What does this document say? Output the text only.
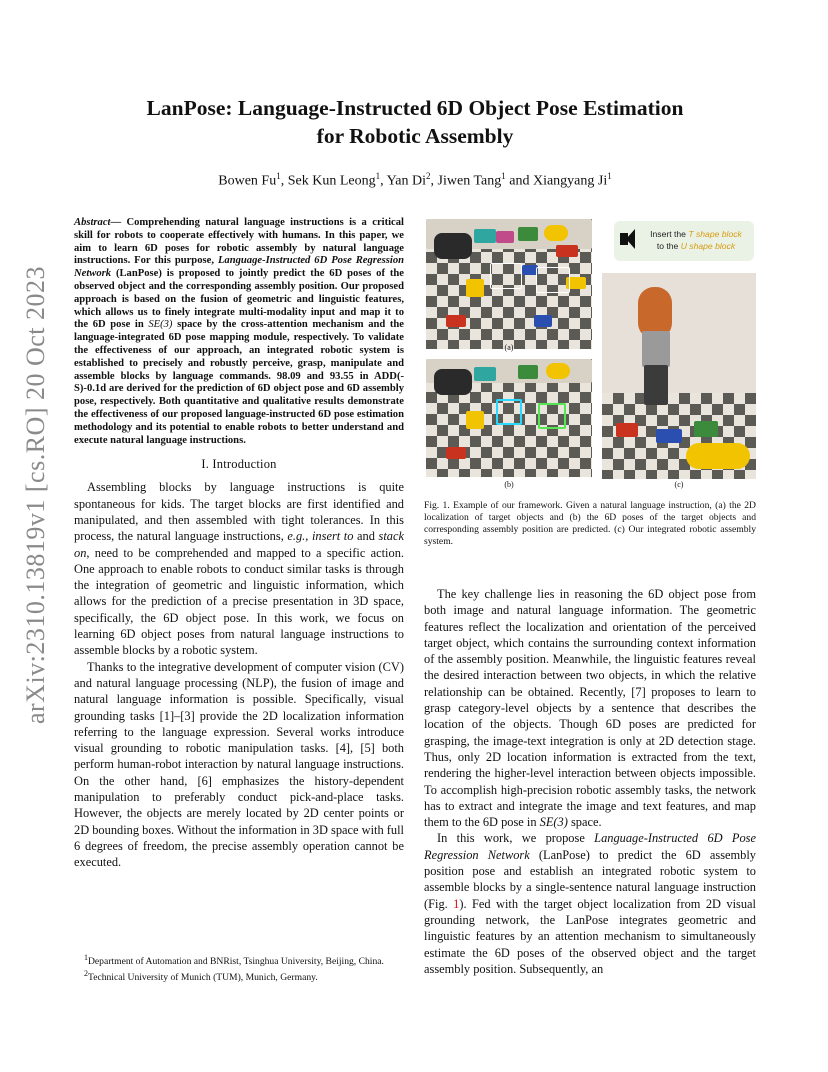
arXiv:2310.13819v1 [cs.RO] 20 Oct 2023
LanPose: Language-Instructed 6D Object Pose Estimation
for Robotic Assembly
Bowen Fu$^1$, Sek Kun Leong$^1$, Yan Di$^2$, Jiwen Tang$^1$ and Xiangyang Ji$^1$

Abstract— Comprehending natural language instructions is a critical skill for robots to cooperate effectively with humans. In this paper, we aim to learn 6D poses for robotic assembly by natural language instructions. For this purpose, Language-Instructed 6D Pose Regression Network (LanPose) is proposed to jointly predict the 6D poses of the observed object and the corresponding assembly position. Our proposed approach is based on the fusion of geometric and linguistic features, which allows us to finely integrate multi-modality input and map it to the 6D pose in SE(3) space by the cross-attention mechanism and the language-integrated 6D pose mapping module, respectively. To validate the effectiveness of our approach, an integrated robotic system is established to precisely and robustly perceive, grasp, manipulate and assemble blocks by language commands. 98.09 and 93.55 in ADD(-S)-0.1d are derived for the prediction of 6D object pose and 6D assembly pose, respectively. Both quantitative and qualitative results demonstrate the effectiveness of our proposed language-instructed 6D pose estimation methodology and its potential to enable robots to better understand and execute natural language instructions.

I. Introduction

Assembling blocks by language instructions is quite spontaneous for kids. The target blocks are first identified and manipulated, and then assembled with tight tolerances. In this process, the natural language instructions, e.g., insert to and stack on, need to be comprehended and mapped to a specific action. One approach to enable robots to conduct similar tasks is through the integration of geometric and linguistic information, which allows for the prediction of a precise presentation in 3D space, specifically, the 6D object pose. In this work, we focus on learning 6D object poses from natural language instructions to assemble blocks by a robotic system.

Thanks to the integrative development of computer vision (CV) and natural language processing (NLP), the fusion of image and natural language information is possible. Specifically, visual grounding tasks [1]–[3] provide the 2D localization information referring to the language expression. Several works introduce visual grounding to robotic manipulation tasks. [4], [5] both perform human-robot interaction by natural language instructions. On the other hand, [6] emphasizes the history-dependent manipulation to preferably conduct pick-and-place tasks. However, the objects are merely located by 2D center points or 2D bounding boxes. Without the information in 3D space with full 6 degrees of freedom, the precise assembly operation cannot be executed.

$^1$Department of Automation and BNRist, Tsinghua University, Beijing, China.

$^2$Technical University of Munich (TUM), Munich, Germany.

(a)
(b)
Insert the T shape block
to the U shape block
(c)
Fig. 1. Example of our framework. Given a natural language instruction, (a) the 2D localization of target objects and (b) the 6D poses of the target objects and corresponding assembly position are predicted. (c) Our integrated robotic assembly system.

The key challenge lies in reasoning the 6D object pose from both image and natural language information. The geometric features reflect the localization and orientation of the perceived target object, which contains the surrounding context information of the assembly position. Meanwhile, the linguistic features reveal the desired interaction between two objects, in which the relative relationship can be obtained. Recently, [7] proposes to learn to grasp category-level objects by a sentence that describes the location of the objects. Though 6D poses are predicted for grasping, the image-text integration is only at 2D detection stage. Thus, only 2D location information is extracted from the text, rendering the higher-level interaction between objects impossible. To accomplish high-precision robotic assembly tasks, the network has to extract and integrate the image and text features, and map them to the 6D pose in SE(3) space.

In this work, we propose Language-Instructed 6D Pose Regression Network (LanPose) to predict the 6D assembly position pose and establish an integrated robotic system to assemble blocks by a single-sentence natural language instruction (Fig. 1). Fed with the target object localization from 2D visual grounding network, the LanPose integrates geometric and linguistic features by an attention mechanism to simultaneously estimate the 6D poses of the observed object and the target assembly position. Subsequently, an
